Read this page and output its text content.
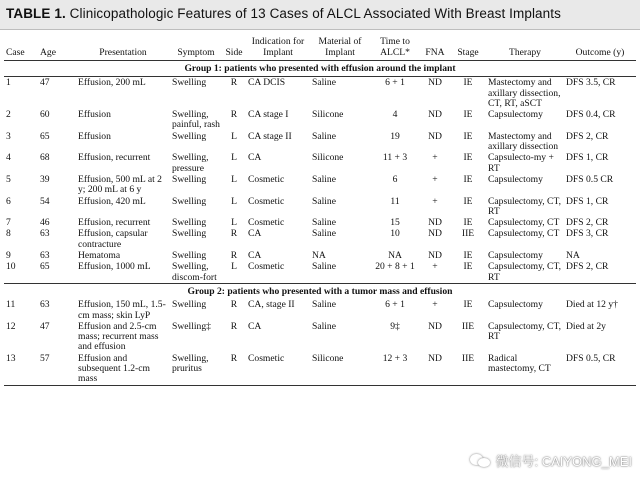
TABLE 1. Clinicopathologic Features of 13 Cases of ALCL Associated With Breast Implants
Case	Age	Presentation	Symptom	Side	Indication for Implant	Material of Implant	Time to ALCL*	FNA	Stage	Therapy	Outcome (y)
Group 1: patients who presented with effusion around the implant											
1	47	Effusion, 200 mL	Swelling	R	CA DCIS	Saline	6 + 1	ND	IE	Mastectomy and axillary dissection, CT, RT, aSCT	DFS 3.5, CR
2	60	Effusion	Swelling, painful, rash	R	CA stage I	Silicone	4	ND	IE	Capsulectomy	DFS 0.4, CR
3	65	Effusion	Swelling	L	CA stage II	Saline	19	ND	IE	Mastectomy and axillary dissection	DFS 2, CR
4	68	Effusion, recurrent	Swelling, pressure	L	CA	Silicone	11 + 3	+	IE	Capsulecto-my + RT	DFS 1, CR
5	39	Effusion, 500 mL at 2 y; 200 mL at 6 y	Swelling	L	Cosmetic	Saline	6	+	IE	Capsulectomy	DFS 0.5 CR
6	54	Effusion, 420 mL	Swelling	L	Cosmetic	Saline	11	+	IE	Capsulectomy, CT, RT	DFS 1, CR
7	46	Effusion, recurrent	Swelling	L	Cosmetic	Saline	15	ND	IE	Capsulectomy, CT	DFS 2, CR
8	63	Effusion, capsular contracture	Swelling	R	CA	Saline	10	ND	IIE	Capsulectomy, CT	DFS 3, CR
9	63	Hematoma	Swelling	R	CA	NA	NA	ND	IE	Capsulectomy	NA
10	65	Effusion, 1000 mL	Swelling, discom-fort	L	Cosmetic	Saline	20 + 8 + 1	+	IE	Capsulectomy, CT, RT	DFS 2, CR
Group 2: patients who presented with a tumor mass and effusion											
11	63	Effusion, 150 mL, 1.5-cm mass; skin LyP	Swelling	R	CA, stage II	Saline	6 + 1	+	IE	Capsulectomy	Died at 12 y†
12	47	Effusion and 2.5-cm mass; recurrent mass and effusion	Swelling‡	R	CA	Saline	9‡	ND	IIE	Capsulectomy, CT, RT	Died at 2y
13	57	Effusion and subsequent 1.2-cm mass	Swelling, pruritus	R	Cosmetic	Silicone	12 + 3	ND	IIE	Radical mastectomy, CT	DFS 0.5, CR
微信号: CAIYONG_MEI
